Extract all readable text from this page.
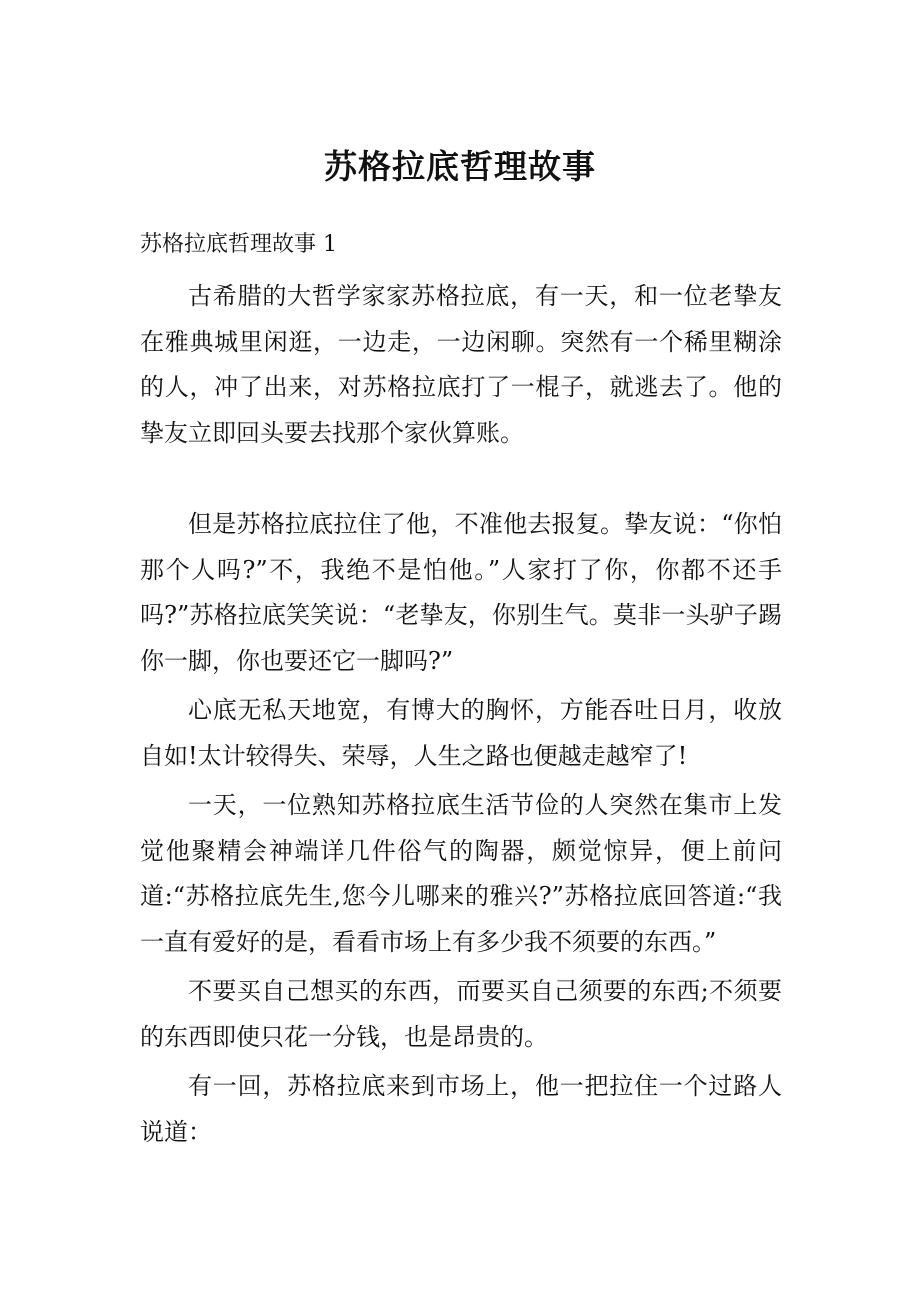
苏格拉底哲理故事

苏格拉底哲理故事 1

古希腊的大哲学家家苏格拉底，有一天，和一位老挚友在雅典城里闲逛，一边走，一边闲聊。突然有一个稀里糊涂的人，冲了出来，对苏格拉底打了一棍子，就逃去了。他的挚友立即回头要去找那个家伙算账。

但是苏格拉底拉住了他，不准他去报复。挚友说：“你怕那个人吗?”不，我绝不是怕他。”人家打了你，你都不还手吗?”苏格拉底笑笑说：“老挚友，你别生气。莫非一头驴子踢你一脚，你也要还它一脚吗?”

心底无私天地宽，有博大的胸怀，方能吞吐日月，收放自如!太计较得失、荣辱，人生之路也便越走越窄了!

一天，一位熟知苏格拉底生活节俭的人突然在集市上发觉他聚精会神端详几件俗气的陶器，颇觉惊异，便上前问道:“苏格拉底先生,您今儿哪来的雅兴?”苏格拉底回答道:“我一直有爱好的是，看看市场上有多少我不须要的东西。”

不要买自己想买的东西，而要买自己须要的东西;不须要的东西即使只花一分钱，也是昂贵的。

有一回，苏格拉底来到市场上，他一把拉住一个过路人说道：
